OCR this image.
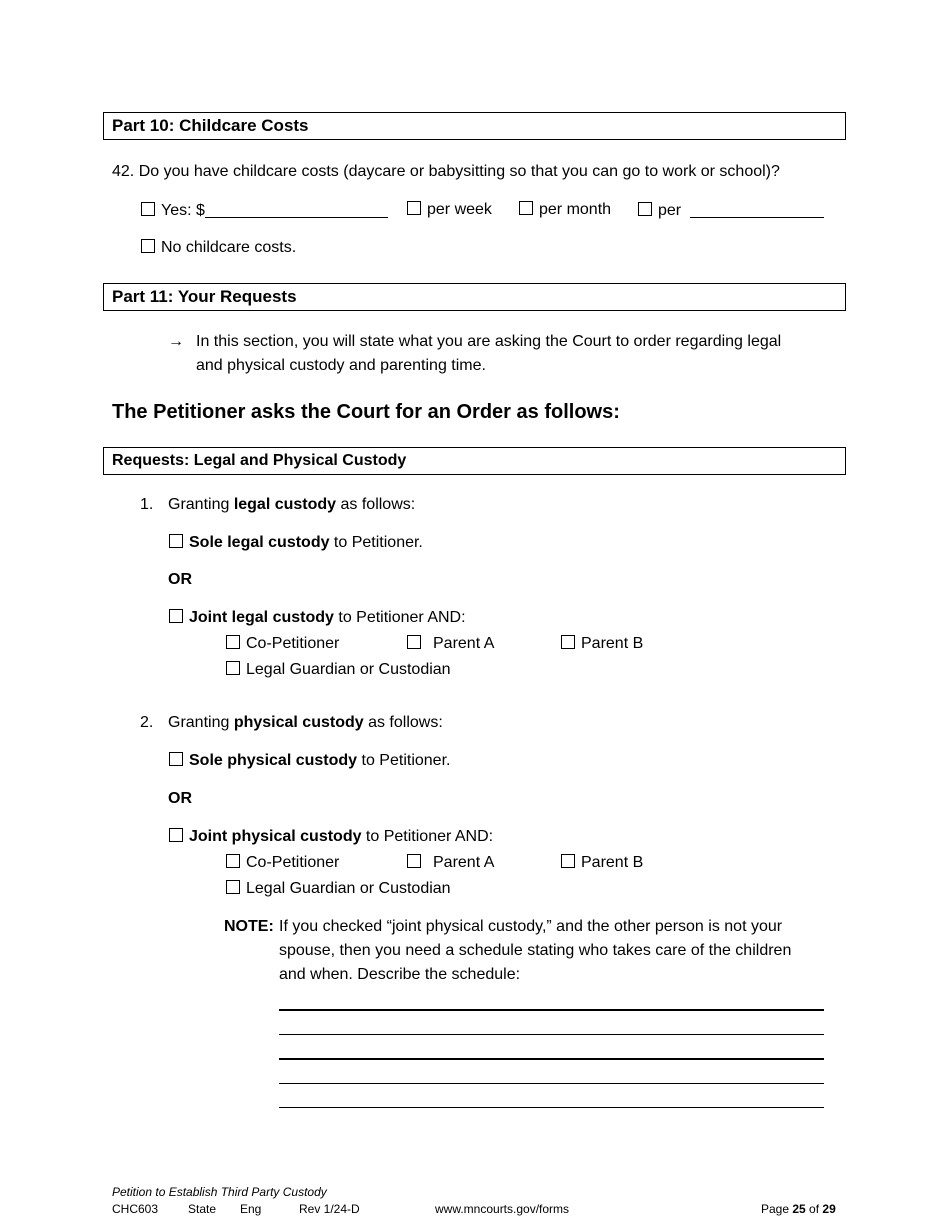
Part 10: Childcare Costs
42. Do you have childcare costs (daycare or babysitting so that you can go to work or school)?
Yes: $	per week	per month	per
No childcare costs.
Part 11: Your Requests
→ In this section, you will state what you are asking the Court to order regarding legal
and physical custody and parenting time.
The Petitioner asks the Court for an Order as follows:
Requests: Legal and Physical Custody
1. Granting legal custody as follows:
Sole legal custody to Petitioner.
OR
Joint legal custody to Petitioner AND:
Co-Petitioner	Parent A	Parent B
Legal Guardian or Custodian
2. Granting physical custody as follows:
Sole physical custody to Petitioner.
OR
Joint physical custody to Petitioner AND:
Co-Petitioner	Parent A	Parent B
Legal Guardian or Custodian
NOTE: If you checked “joint physical custody,” and the other person is not your
spouse, then you need a schedule stating who takes care of the children
and when. Describe the schedule:
Petition to Establish Third Party Custody
CHC603 State Eng	Rev 1/24-D	www.mncourts.gov/forms	Page 25 of 29
